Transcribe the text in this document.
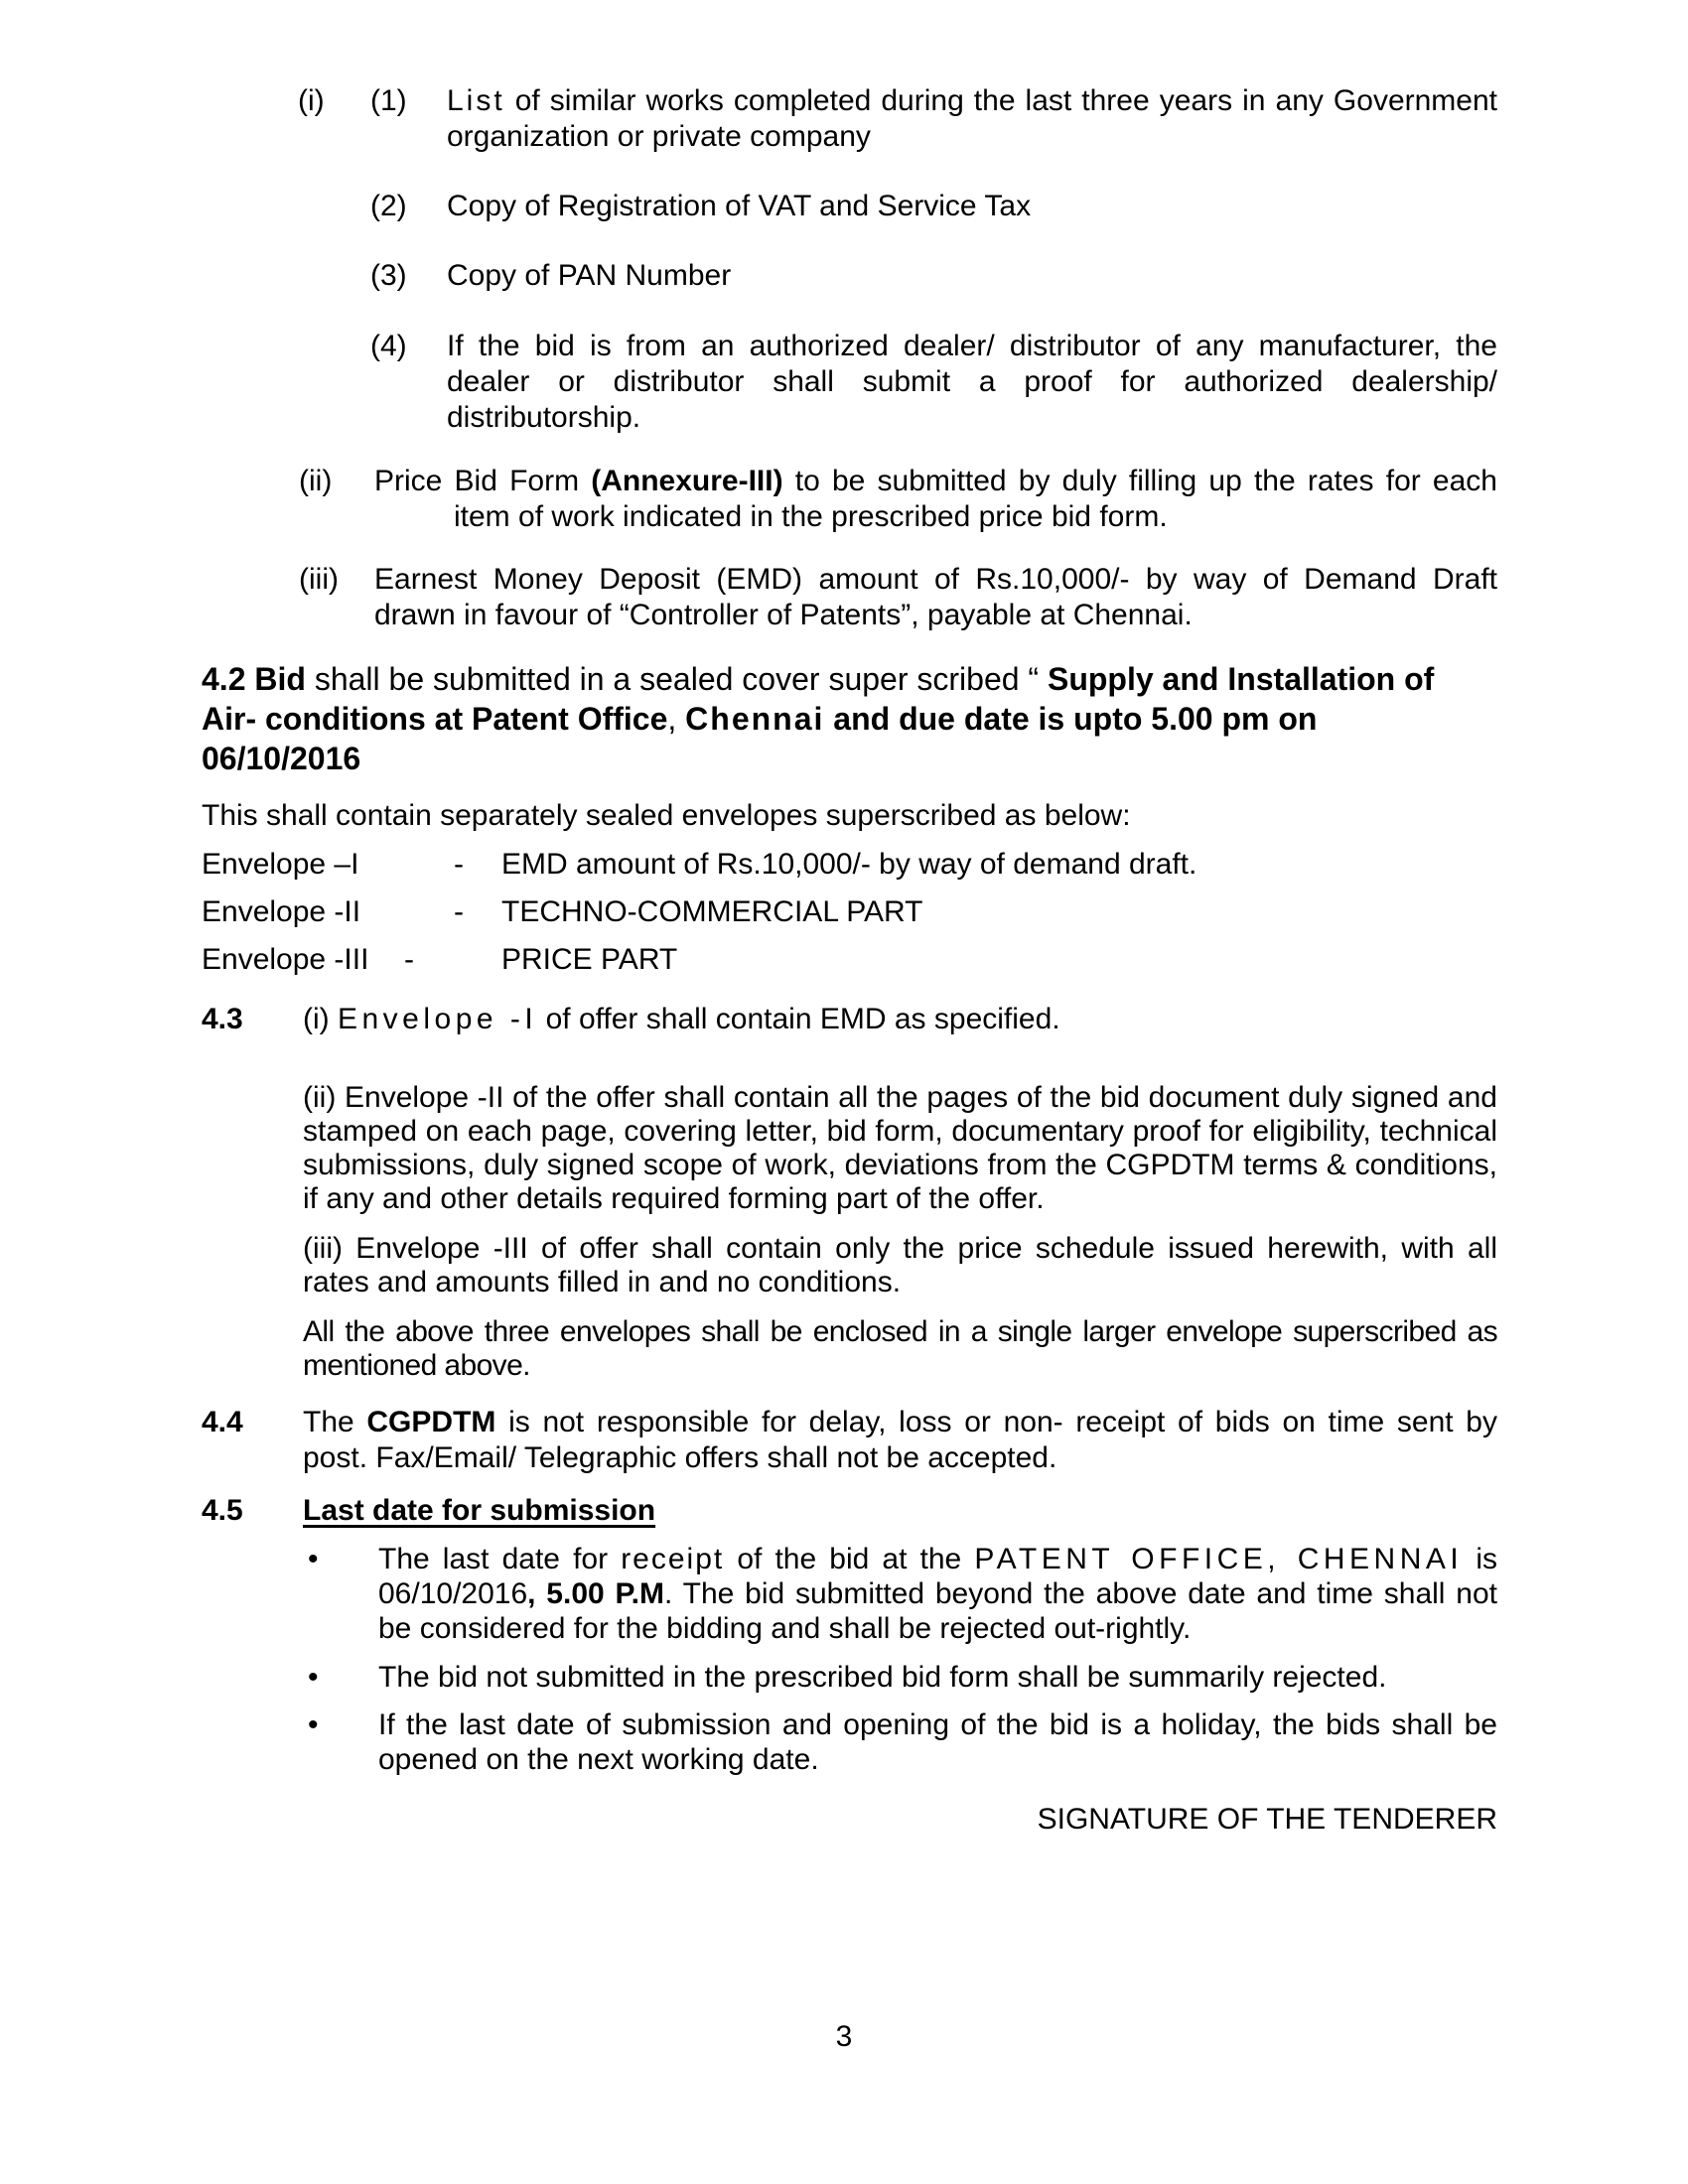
(i)	(1)	List of similar works completed during the last three years in any Government organization or private company

(2)	Copy of Registration of VAT and Service Tax

(3)	Copy of PAN Number

(4)	If the bid is from an authorized dealer/ distributor of any manufacturer, the dealer or distributor shall submit a proof for authorized dealership/ distributorship.

(ii)	Price Bid Form (Annexure-III) to be submitted by duly filling up the rates for each item of work indicated in the prescribed price bid form.

(iii)	Earnest Money Deposit (EMD) amount of Rs.10,000/- by way of Demand Draft drawn in favour of “Controller of Patents”, payable at Chennai.

4.2 Bid shall be submitted in a sealed cover super scribed “ Supply and Installation of Air- conditions at Patent Office, Chennai and due date is upto 5.00 pm on 06/10/2016

This shall contain separately sealed envelopes superscribed as below:

Envelope –I	-	EMD amount of Rs.10,000/- by way of demand draft.
Envelope -II	-	TECHNO-COMMERCIAL PART
Envelope -III	-	PRICE PART
4.3	(i) Envelope -I of offer shall contain EMD as specified.

(ii) Envelope -II of the offer shall contain all the pages of the bid document duly signed and stamped on each page, covering letter, bid form, documentary proof for eligibility, technical submissions, duly signed scope of work, deviations from the CGPDTM terms & conditions, if any and other details required forming part of the offer.

(iii) Envelope -III of offer shall contain only the price schedule issued herewith, with all rates and amounts filled in and no conditions.

All the above three envelopes shall be enclosed in a single larger envelope superscribed as mentioned above.

4.4	The CGPDTM is not responsible for delay, loss or non- receipt of bids on time sent by post. Fax/Email/ Telegraphic offers shall not be accepted.

4.5	Last date for submission

•	The last date for receipt of the bid at the PATENT OFFICE, CHENNAI is 06/10/2016, 5.00 P.M. The bid submitted beyond the above date and time shall not be considered for the bidding and shall be rejected out-rightly.

•	The bid not submitted in the prescribed bid form shall be summarily rejected.

•	If the last date of submission and opening of the bid is a holiday, the bids shall be opened on the next working date.

SIGNATURE OF THE TENDERER

3
